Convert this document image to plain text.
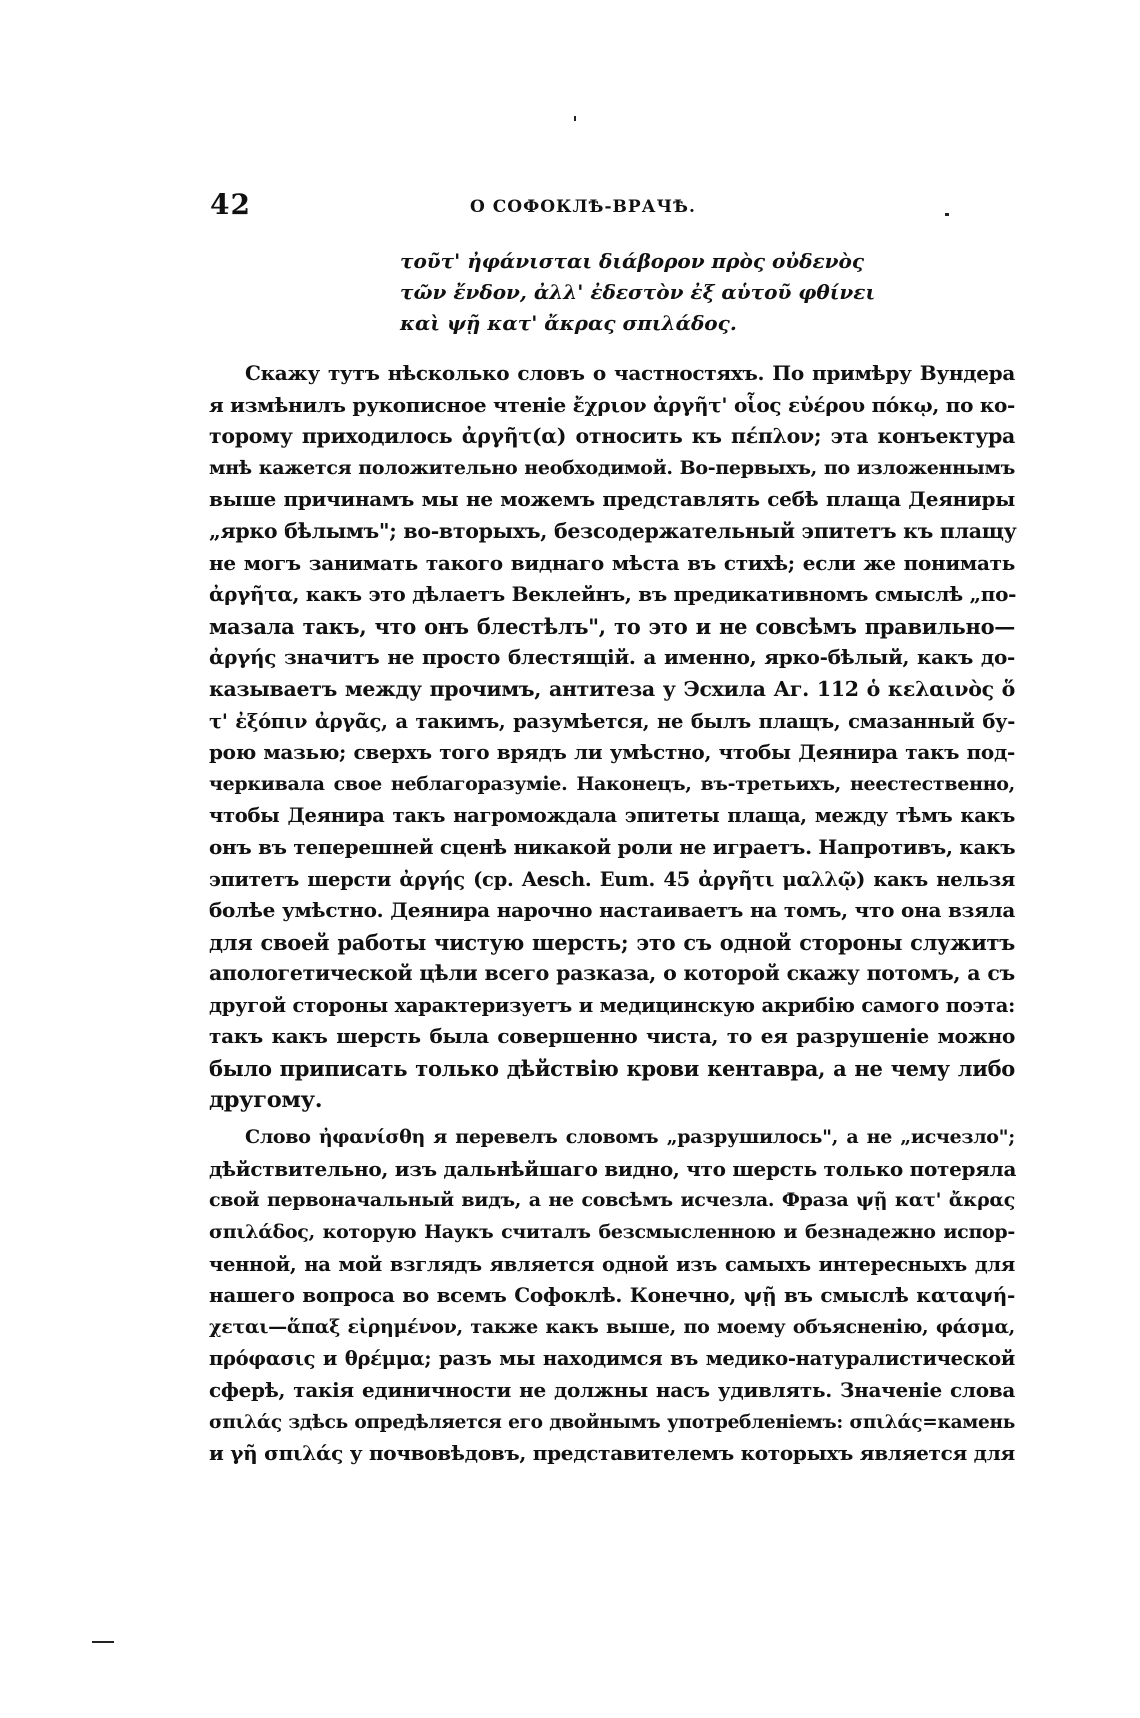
42	О СОФОКЛѢ-ВРАЧѢ.
τοῦτ' ἠφάνισται διάβορον πρὸς οὐδενὸς
τῶν ἔνδον, ἀλλ' ἐδεστὸν ἐξ αὑτοῦ φθίνει
καὶ ψῇ κατ' ἄκρας σπιλάδος.
Скажу тутъ нѣсколько словъ о частностяхъ. По примѣру Вундера
я измѣнилъ рукописное чтеніе ἔχριον ἀργῆτ' οἷος εὐέρου πόκῳ, по ко-
торому приходилось ἀργῆτ(α) относить къ πέπλον; эта конъектура
мнѣ кажется положительно необходимой. Во-первыхъ, по изложеннымъ
выше причинамъ мы не можемъ представлять себѣ плаща Деяниры
„ярко бѣлымъ"; во-вторыхъ, безсодержательный эпитетъ къ плащу
не могъ занимать такого виднаго мѣста въ стихѣ; если же понимать
ἀργῆτα, какъ это дѣлаетъ Веклейнъ, въ предикативномъ смыслѣ „по-
мазала такъ, что онъ блестѣлъ", то это и не совсѣмъ правильно—
ἀργής значитъ не просто блестящій. а именно, ярко-бѣлый, какъ до-
казываетъ между прочимъ, антитеза у Эсхила Аг. 112 ὁ κελαινὸς ὅ
τ' ἐξόπιν ἀργᾶς, а такимъ, разумѣется, не былъ плащъ, смазанный бу-
рою мазью; сверхъ того врядъ ли умѣстно, чтобы Деянира такъ под-
черкивала свое неблагоразуміе. Наконецъ, въ-третьихъ, неестественно,
чтобы Деянира такъ нагромождала эпитеты плаща, между тѣмъ какъ
онъ въ теперешней сценѣ никакой роли не играетъ. Напротивъ, какъ
эпитетъ шерсти ἀργής (ср. Aesch. Eum. 45 ἀργῆτι μαλλῷ) какъ нельзя
болѣе умѣстно. Деянира нарочно настаиваетъ на томъ, что она взяла
для своей работы чистую шерсть; это съ одной стороны служитъ
апологетической цѣли всего разказа, о которой скажу потомъ, а съ
другой стороны характеризуетъ и медицинскую акрибію самого поэта:
такъ какъ шерсть была совершенно чиста, то ея разрушеніе можно
было приписать только дѣйствію крови кентавра, а не чему либо
другому.
Слово ἠφανίσθη я перевелъ словомъ „разрушилось", а не „исчезло";
дѣйствительно, изъ дальнѣйшаго видно, что шерсть только потеряла
свой первоначальный видъ, а не совсѣмъ исчезла. Фраза ψῇ κατ' ἄκρας
σπιλάδος, которую Наукъ считалъ безсмысленною и безнадежно испор-
ченной, на мой взглядъ является одной изъ самыхъ интересныхъ для
нашего вопроса во всемъ Софоклѣ. Конечно, ψῇ въ смыслѣ καταψή-
χεται—ἅπαξ εἰρημένον, также какъ выше, по моему объясненію, φάσμα,
πρόφασις и θρέμμα; разъ мы находимся въ медико-натуралистической
сферѣ, такія единичности не должны насъ удивлять. Значеніе слова
σπιλάς здѣсь опредѣляется его двойнымъ употребленіемъ: σπιλάς=камень
и γῆ σπιλάς у почвовѣдовъ, представителемъ которыхъ является для
